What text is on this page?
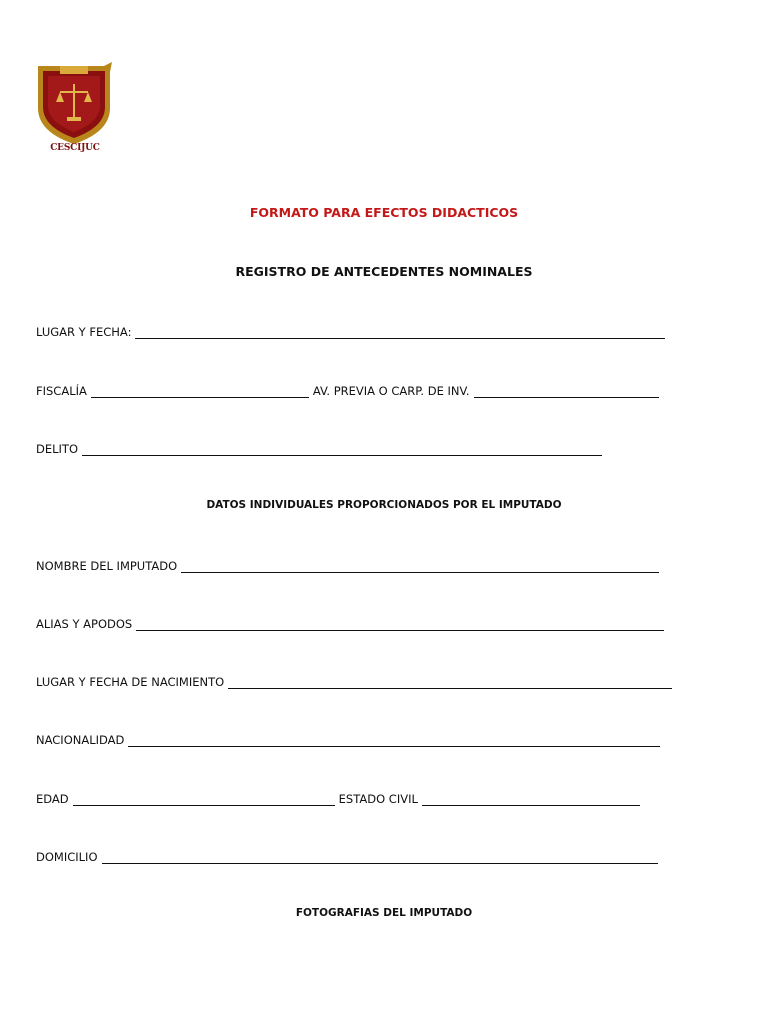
CESCIJUC
FORMATO PARA EFECTOS DIDACTICOS
REGISTRO DE ANTECEDENTES NOMINALES
LUGAR Y FECHA:
FISCALÍA	AV. PREVIA O CARP. DE INV.
DELITO
DATOS INDIVIDUALES PROPORCIONADOS POR EL IMPUTADO
NOMBRE DEL IMPUTADO
ALIAS Y APODOS
LUGAR Y FECHA DE NACIMIENTO
NACIONALIDAD
EDAD	ESTADO CIVIL
DOMICILIO
FOTOGRAFIAS DEL IMPUTADO
